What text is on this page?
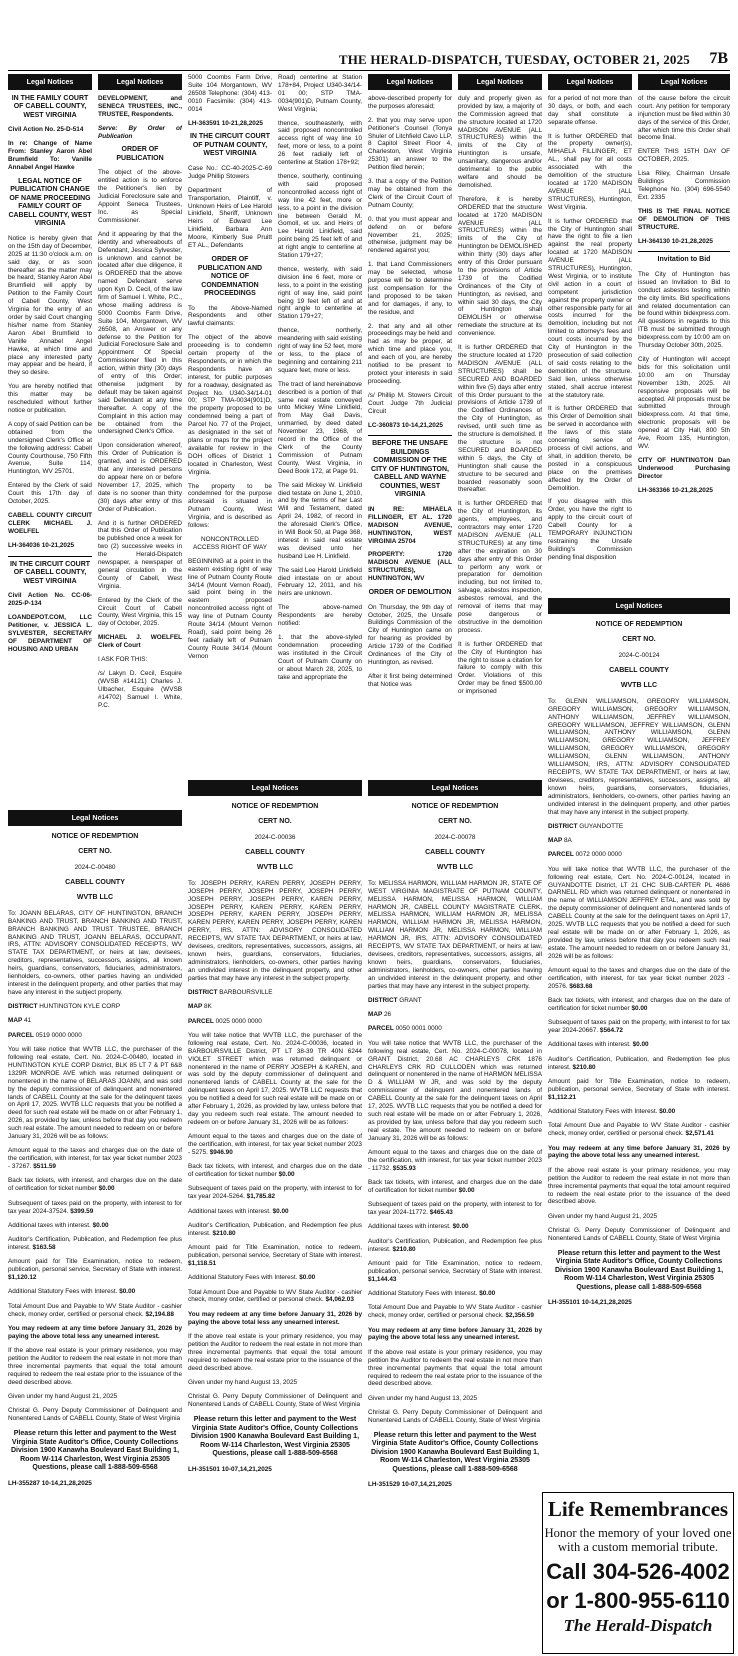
THE HERALD-DISPATCH, TUESDAY, OCTOBER 21, 2025 7B
Legal Notices

IN THE FAMILY COURT OF CABELL COUNTY, WEST VIRGINIA

Civil Action No. 25-D-514

In re: Change of Name From: Stanley Aaron Abel Brumfield To: Vanille Annabel Angel Hawke

LEGAL NOTICE OF PUBLICATION CHANGE OF NAME PROCEEDING FAMILY COURT OF CABELL COUNTY, WEST VIRGINIA

Notice is hereby given that on the 15th day of December, 2025 at 11:30 o'clock a.m. on said day, or as soon thereafter as the matter may be heard, Stanley Aaron Abel Brumfield will apply by Petition to the Family Court of Cabell County, West Virginia for the entry of an order by said Court changing his/her name from Stanley Aaron Abel Brumfield to Vanille Annabel Angel Hawke, at which time and place any interested party may appear and be heard, if they so desire.

You are hereby notified that this matter may be rescheduled without further notice or publication.

A copy of said Petition can be obtained from the undersigned Clerk's Office at the following address: Cabell County Courthouse, 750 Fifth Avenue, Suite 114, Huntington, WV 25701.

Entered by the Clerk of said Court this 17th day of October, 2025.

CABELL COUNTY CIRCUIT CLERK MICHAEL J. WOELFEL

LH-364036 10-21,2025

IN THE CIRCUIT COURT OF CABELL COUNTY, WEST VIRGINIA

Civil Action No. CC-06-2025-P-134

LOANDEPOT.COM, LLC Petitioner, v. JESSICA L. SYLVESTER, SECRETARY OF DEPARTMENT OF HOUSING AND URBAN

Legal Notices

DEVELOPMENT, and SENECA TRUSTEES, INC., TRUSTEE, Respondents.

Serve: By Order of Publication

ORDER OF PUBLICATION

The object of the above-entitled action is to enforce the Petitioner's lien by Judicial Foreclosure sale and Appoint Seneca Trustees, Inc. as Special Commissioner.

And it appearing by that the identity and whereabouts of Defendant, Jessica Sylvester, is unknown and cannot be located after due diligence, it is ORDERED that the above named Defendant serve upon Kyn D. Cecil, of the law firm of Samuel I. White, P.C., whose mailing address is 5000 Coombs Farm Drive, Suite 104, Morgantown, WV 26508, an Answer or any defense to the Petition for Judicial Foreclosure Sale and Appointment Of Special Commissioner filed in this action, within thirty (30) days of entry of this Order; otherwise judgment by default may be taken against said Defendant at any time thereafter. A copy of the Complaint in this action may be obtained from the undersigned Clerk's Office.

Upon consideration whereof, this Order of Publication is granted, and is ORDERED that any interested persons do appear here on or before November 17, 2025, which date is no sooner than thirty (30) days after entry of this Order of Publication.

And it is further ORDERED that this Order of Publication be published once a week for two (2) successive weeks in the Herald-Dispatch newspaper, a newspaper of general circulation in the County of Cabell, West Virginia.

Entered by the Clerk of the Circuit Court of Cabell County, West Virginia, this 15 day of October, 2025.

MICHAEL J. WOELFEL Clerk of Court

I ASK FOR THIS:

/s/ Lakyn D. Cecil, Esquire (WVSB #14121) Charles J. Ulbacher, Esquire (WVSB #14702) Samuel I. White, P.C.

5000 Coombs Farm Drive, Suite 104 Morgantown, WV 26508 Telephone: (304) 413-0010 Facsimile: (304) 413-0014

LH-363591 10-21,28,2025

IN THE CIRCUIT COURT OF PUTNAM COUNTY, WEST VIRGINIA

Case No.: CC-40-2025-C-69 Judge Phillip Stowers

Department of Transportation, Plaintiff, v. Unknown Heirs of Lee Harold Linkfield, Sheriff, Unknown Heirs of Edward Lee Linkfield, Barbara Ann Moore, Kimberly Sue Pruitt ET AL., Defendants

ORDER OF PUBLICATION AND NOTICE OF CONDEMNATION PROCEEDINGS

To the Above-Named Respondents and other lawful claimants:

The object of the above proceeding is to condemn certain property of the Respondents, or in which the Respondents have an interest, for public purposes for a roadway, designated as Project No. U340-34/14-01 00; STP TMA-0034(901)D, the property proposed to be condemned being a part of Parcel No. 77 of the Project, as designated in the set of plans or maps for the project available for review in the DOH offices of District 1 located in Charleston, West Virginia.

The property to be condemned for the purpose aforesaid is situated in Putnam County, West Virginia, and is described as follows:

NONCONTROLLED ACCESS RIGHT OF WAY

BEGINNING at a point in the eastern existing right of way line of Putnam County Route 34/14 (Mount Vernon Road), said point being in the eastern proposed noncontrolled access right of way line of Putnam County Route 34/14 (Mount Vernon Road), said point being 26 feet radially left of Putnam County Route 34/14 (Mount Vernon

Road) centerline at Station 178+84, Project U340-34/14-01 00; STP TMA-0034(901)D, Putnam County, West Virginia;

thence, southeasterly, with said proposed noncontrolled access right of way line 10 feet, more or less, to a point 26 feet radially left of centerline at Station 178+92;

thence, southerly, continuing with said proposed noncontrolled access right of way line 42 feet, more or less, to a point in the division line between Gerald M. Gomoll, et ux. and Heirs of Lee Harold Linkfield, said point being 25 feet left of and at right angle to centerline at Station 179+27;

thence, westerly, with said division line 6 feet, more or less, to a point in the existing right of way line, said point being 19 feet left of and at right angle to centerline at Station 179+27;

thence, northerly, meandering with said existing right of way line 52 feet, more or less, to the place of beginning and containing 211 square feet, more or less.

The tract of land hereinabove described is a portion of that same real estate conveyed unto Mickey Wine Linkfield, from May Gail Davis, unmarried, by deed dated November 23, 1968, of record in the Office of the Clerk of the County Commission of Putnam County, West Virginia, in Deed Book 172, at Page 91.

The said Mickey W. Linkfield died testate on June 1, 2010, and by the terms of her Last Will and Testament, dated April 24, 1982, of record in the aforesaid Clerk's Office, in Will Book 50, at Page 368, interest in said real estate was devised unto her husband Lee H. Linkfield.

The said Lee Harold Linkfield died intestate on or about February 12, 2011, and his heirs are unknown.

The above-named Respondents are hereby notified:

1. that the above-styled condemnation proceeding was instituted in the Circuit Court of Putnam County on or about March 28, 2025, to take and appropriate the

Legal Notices

above-described property for the purposes aforesaid;

2. that you may serve upon Petitioner's Counsel (Tonya Shuler of Litchfield Cavo LLP, 8 Capitol Street Floor 4, Charleston, West Virginia 25301) an answer to the Petition filed herein;

3. that a copy of the Petition may be obtained from the Clerk of the Circuit Court of Putnam County;

0. that you must appear and defend on or before November 21, 2025; otherwise, judgment may be rendered against you;

1. that Land Commissioners may be selected, whose purpose will be to determine just compensation for the land proposed to be taken and for damages, if any, to the residue, and

2. that any and all other proceedings may be held and had as may be proper, at which time and place you, and each of you, are hereby notified to be present to protect your interests in said proceeding.

/s/ Phillip M. Stowers Circuit Court Judge 7th Judicial Circuit

LC-360873 10-14,21,2025

BEFORE THE UNSAFE BUILDINGS COMMISSION OF THE CITY OF HUNTINGTON, CABELL AND WAYNE COUNTIES, WEST VIRGINIA

IN RE: MIHAELA FILLINGER, ET AL. 1720 MADISON AVENUE, HUNTINGTON, WEST VIRGINIA 25704

PROPERTY: 1720 MADISON AVENUE (ALL STRUCTURES), HUNTINGTON, WV

ORDER OF DEMOLITION

On Thursday, the 9th day of October, 2025, the Unsafe Buildings Commission of the City of Huntington came on for hearing as provided by Article 1739 of the Codified Ordinances of the City of Huntington, as revised.

After it first being determined that Notice was

Legal Notices

duly and properly given as provided by law, a majority of the Commission agreed that the structure located at 1720 MADISON AVENUE (ALL STRUCTURES) within the limits of the City of Huntington is unsafe, unsanitary, dangerous and/or detrimental to the public welfare and should be demolished.

Therefore, it is hereby ORDERED that the structure located at 1720 MADISON AVENUE (ALL STRUCTURES) within the limits of the City of Huntington be DEMOLISHED within thirty (30) days after entry of this Order pursuant to the provisions of Article 1739 of the Codified Ordinances of the City of Huntington, as revised, and within said 30 days, the City of Huntington shall DEMOLISH or otherwise remediate the structure at its convenience.

It is further ORDERED that the structure located at 1720 MADISON AVENUE (ALL STRUCTURES) shall be SECURED AND BOARDED within five (5) days after entry of this Order pursuant to the provisions of Article 1739 of the Codified Ordinances of the City of Huntington, as revised, until such time as the structure is demolished. If the structure is not SECURED and BOARDED within 5 days, the City of Huntington shall cause the structure to be secured and boarded reasonably soon thereafter.

It is further ORDERED that the City of Huntington, its agents, employees, and contractors may enter 1720 MADISON AVENUE (ALL STRUCTURES) at any time after the expiration on 30 days after entry of this Order to perform any work or preparation for demolition including, but not limited to, salvage, asbestos inspection, asbestos removal, and the removal of items that may pose dangerous or obstructive in the demolition process.

It is further ORDERED that the City of Huntington has the right to issue a citation for failure to comply with this Order. Violations of this Order may be fined $500.00 or imprisoned

Legal Notices

for a period of not more than 30 days, or both, and each day shall constitute a separate offense.

It is further ORDERED that the property owner(s), MIHAELA FILLINGER, ET AL., shall pay for all costs associated with the demolition of the structure located at 1720 MADISON AVENUE (ALL STRUCTURES), Huntington, West Virginia.

It is further ORDERED that the City of Huntington shall have the right to file a lien against the real property located at 1720 MADISON AVENUE (ALL STRUCTURES), Huntington, West Virginia, or to institute civil action in a court of competent jurisdiction against the property owner or other responsible party for all costs incurred for the demolition, including but not limited to attorney's fees and court costs incurred by the City of Huntington in the prosecution of said collection of said costs relating to the demolition of the structure. Said lien, unless otherwise stated, shall accrue interest at the statutory rate.

It is further ORDERED that this Order of Demolition shall be served in accordance with the laws of this state concerning service of process of civil actions, and shall, in addition thereto, be posted in a conspicuous place on the premises affected by the Order of Demolition.

If you disagree with this Order, you have the right to apply to the circuit court of Cabell County for a TEMPORARY INJUNCTION restraining the Unsafe Building's Commission pending final disposition

Legal Notices

of the cause before the circuit court. Any petition for temporary injunction must be filed within 30 days of the service of this Order, after which time this Order shall become final.

ENTER THIS 15TH DAY OF OCTOBER, 2025.

Lisa Riley, Chairman Unsafe Buildings Commission Telephone No. (304) 696-5540 Ext. 2335

THIS IS THE FINAL NOTICE OF DEMOLITION OF THIS STRUCTURE.

LH-364130 10-21,28,2025

Invitation to Bid

The City of Huntington has issued an Invitation to Bid to conduct asbestos testing within the city limits. Bid specifications and related documentation can be found within bidexpress.com. All questions in regards to this ITB must be submitted through bidexpress.com by 10:00 am on Thursday October 30th, 2025.

City of Huntington will accept bids for this solicitation until 10:00 am on Thursday November 13th, 2025. All responsive proposals will be accepted. All proposals must be submitted through bidexpress.com. At that time, electronic proposals will be opened at City Hall, 800 5th Ave, Room 135, Huntington, WV.

CITY OF HUNTINGTON Dan Underwood Purchasing Director

LH-363366 10-21,28,2025

Legal Notices

NOTICE OF REDEMPTION

CERT NO.

2024-C-00480

CABELL COUNTY

WVTB LLC

To: JOANN BELARAS, CITY OF HUNTINGTON, BRANCH BANKING AND TRUST, BRANCH BANKING AND TRUST, BRANCH BANKING AND TRUST TRUSTEE, BRANCH BANKING AND TRUST, JOANN BELARAS, OCCUPANT, IRS, ATTN: ADVISORY CONSOLIDATED RECEIPTS, WV STATE TAX DEPARTMENT, or heirs at law, devisees, creditors, representatives, successors, assigns, all known heirs, guardians, conservators, fiduciaries, administrators, lienholders, co-owners, other parties having an undivided interest in the delinquent property, and other parties that may have any interest in the subject property.

DISTRICT HUNTINGTON KYLE CORP

MAP 41

PARCEL 0519 0000 0000

You will take notice that WVTB LLC, the purchaser of the following real estate, Cert. No. 2024-C-00480, located in HUNTINGTON KYLE CORP District, BLK 85 LT 7 & PT 6&8 1329R MONROE AVE which was returned delinquent or nonentered in the name of BELARAS JOANN, and was sold by the deputy commissioner of delinquent and nonentered lands of CABELL County at the sale for the delinquent taxes on April 17, 2025. WVTB LLC requests that you be notified a deed for such real estate will be made on or after February 1, 2026, as provided by law, unless before that day you redeem such real estate. The amount needed to redeem on or before January 31, 2026 will be as follows:

Amount equal to the taxes and charges due on the date of the certification, with interest, for tax year ticket number 2023 - 37267. $511.59

Back tax tickets, with interest, and charges due on the date of certification for ticket number $0.00

Subsequent of taxes paid on the property, with interest to for tax year 2024-37524. $399.59

Additional taxes with interest. $0.00

Auditor's Certification, Publication, and Redemption fee plus interest. $163.58

Amount paid for Title Examination, notice to redeem, publication, personal service, Secretary of State with interest. $1,120.12

Additional Statutory Fees with Interest. $0.00

Total Amount Due and Payable to WV State Auditor - cashier check, money order, certified or personal check. $2,194.88

You may redeem at any time before January 31, 2026 by paying the above total less any unearned interest.

If the above real estate is your primary residence, you may petition the Auditor to redeem the real estate in not more than three incremental payments that equal the total amount required to redeem the real estate prior to the issuance of the deed described above.

Given under my hand August 21, 2025

Christal G. Perry Deputy Commissioner of Delinquent and Nonentered Lands of CABELL County, State of West Virginia

Please return this letter and payment to the West Virginia State Auditor's Office, County Collections Division 1900 Kanawha Boulevard East Building 1, Room W-114 Charleston, West Virginia 25305 Questions, please call 1-888-509-6568

LH-355287 10-14,21,28,2025

Legal Notices

NOTICE OF REDEMPTION

CERT NO.

2024-C-00036

CABELL COUNTY

WVTB LLC

To: JOSEPH PERRY, KAREN PERRY, JOSEPH PERRY, JOSEPH PERRY, JOSEPH PERRY, JOSEPH PERRY, JOSEPH PERRY, JOSEPH PERRY, KAREN PERRY, JOSEPH PERRY, KAREN PERRY, KAREN PERRY, JOSEPH PERRY, KAREN PERRY, JOSEPH PERRY, KAREN PERRY, KAREN PERRY, JOSEPH PERRY, KAREN PERRY, IRS, ATTN: ADVISORY CONSOLIDATED RECEIPTS, WV STATE TAX DEPARTMENT, or heirs at law, devisees, creditors, representatives, successors, assigns, all known heirs, guardians, conservators, fiduciaries, administrators, lienholders, co-owners, other parties having an undivided interest in the delinquent property, and other parties that may have any interest in the subject property.

DISTRICT BARBOURSVILLE

MAP 8K

PARCEL 0025 0000 0000

You will take notice that WVTB LLC, the purchaser of the following real estate, Cert. No. 2024-C-00036, located in BARBOURSVILLE District, PT LT 38-39 TR 40N 6244 VIOLET STREET which was returned delinquent or nonentered in the name of PERRY JOSEPH & KAREN, and was sold by the deputy commissioner of delinquent and nonentered lands of CABELL County at the sale for the delinquent taxes on April 17, 2025. WVTB LLC requests that you be notified a deed for such real estate will be made on or after February 1, 2026, as provided by law, unless before that day you redeem such real estate. The amount needed to redeem on or before January 31, 2026 will be as follows:

Amount equal to the taxes and charges due on the date of the certification, with interest, for tax year ticket number 2023 - 5275. $946.90

Back tax tickets, with interest, and charges due on the date of certification for ticket number $0.00

Subsequent of taxes paid on the property, with interest to for tax year 2024-5264. $1,785.82

Additional taxes with interest. $0.00

Auditor's Certification, Publication, and Redemption fee plus interest. $210.80

Amount paid for Title Examination, notice to redeem, publication, personal service, Secretary of State with interest. $1,118.51

Additional Statutory Fees with Interest. $0.00

Total Amount Due and Payable to WV State Auditor - cashier check, money order, certified or personal check. $4,062.03

You may redeem at any time before January 31, 2026 by paying the above total less any unearned interest.

If the above real estate is your primary residence, you may petition the Auditor to redeem the real estate in not more than three incremental payments that equal the total amount required to redeem the real estate prior to the issuance of the deed described above.

Given under my hand August 13, 2025

Christal G. Perry Deputy Commissioner of Delinquent and Nonentered Lands of CABELL County, State of West Virginia

Please return this letter and payment to the West Virginia State Auditor's Office, County Collections Division 1900 Kanawha Boulevard East Building 1, Room W-114 Charleston, West Virginia 25305 Questions, please call 1-888-509-6568

LH-351501 10-07,14,21,2025

Legal Notices

NOTICE OF REDEMPTION

CERT NO.

2024-C-00078

CABELL COUNTY

WVTB LLC

To: MELISSA HARMON, WILLIAM HARMON JR, STATE OF WEST VIRGINIA MAGISTRATE OF PUTNAM COUNTY, MELISSA HARMON, MELISSA HARMON, WILLIAM HARMON JR, CABELL COUNTY MAGISTRATE CLERK, MELISSA HARMON, WILLIAM HARMON JR, MELISSA HARMON, WILLIAM HARMON JR, MELISSA HARMON, WILLIAM HARMON JR, MELISSA HARMON, WILLIAM HARMON JR, IRS, ATTN: ADVISORY CONSOLIDATED RECEIPTS, WV STATE TAX DEPARTMENT, or heirs at law, devisees, creditors, representatives, successors, assigns, all known heirs, guardians, conservators, fiduciaries, administrators, lienholders, co-owners, other parties having an undivided interest in the delinquent property, and other parties that may have any interest in the subject property.

DISTRICT GRANT

MAP 26

PARCEL 0050 0001 0000

You will take notice that WVTB LLC, the purchaser of the following real estate, Cert. No. 2024-C-00078, located in GRANT District, 20.68 AC CHARLEYS CRK 1876 CHARLEYS CRK RD CULLODEN which was returned delinquent or nonentered in the name of HARMON MELISSA D & WILLIAM W JR, and was sold by the deputy commissioner of delinquent and nonentered lands of CABELL County at the sale for the delinquent taxes on April 17, 2025. WVTB LLC requests that you be notified a deed for such real estate will be made on or after February 1, 2026, as provided by law, unless before that day you redeem such real estate. The amount needed to redeem on or before January 31, 2026 will be as follows:

Amount equal to the taxes and charges due on the date of the certification, with interest, for tax year ticket number 2023 - 11732. $535.93

Back tax tickets, with interest, and charges due on the date of certification for ticket number $0.00

Subsequent of taxes paid on the property, with interest to for tax year 2024-11772. $465.43

Additional taxes with interest. $0.00

Auditor's Certification, Publication, and Redemption fee plus interest. $210.80

Amount paid for Title Examination, notice to redeem, publication, personal service, Secretary of State with interest. $1,144.43

Additional Statutory Fees with Interest. $0.00

Total Amount Due and Payable to WV State Auditor - cashier check, money order, certified or personal check. $2,356.59

You may redeem at any time before January 31, 2026 by paying the above total less any unearned interest.

If the above real estate is your primary residence, you may petition the Auditor to redeem the real estate in not more than three incremental payments that equal the total amount required to redeem the real estate prior to the issuance of the deed described above.

Given under my hand August 13, 2025

Christal G. Perry Deputy Commissioner of Delinquent and Nonentered Lands of CABELL County, State of West Virginia

Please return this letter and payment to the West Virginia State Auditor's Office, County Collections Division 1900 Kanawha Boulevard East Building 1, Room W-114 Charleston, West Virginia 25305 Questions, please call 1-888-509-6568

LH-351529 10-07,14,21,2025

Legal Notices

NOTICE OF REDEMPTION

CERT NO.

2024-C-00124

CABELL COUNTY

WVTB LLC

To: GLENN WILLIAMSON, GREGORY WILLIAMSON, GREGORY WILLIAMSON, GREGORY WILLIAMSON, ANTHONY WILLIAMSON, JEFFREY WILLIAMSON, GREGORY WILLIAMSON, JEFFREY WILLIAMSON, GLENN WILLIAMSON, ANTHONY WILLIAMSON, GLENN WILLIAMSON, GREGORY WILLIAMSON, JEFFREY WILLIAMSON, GREGORY WILLIAMSON, GREGORY WILLIAMSON, GLENN WILLIAMSON, ANTHONY WILLIAMSON, IRS, ATTN: ADVISORY CONSOLIDATED RECEIPTS, WV STATE TAX DEPARTMENT, or heirs at law, devisees, creditors, representatives, successors, assigns, all known heirs, guardians, conservators, fiduciaries, administrators, lienholders, co-owners, other parties having an undivided interest in the delinquent property, and other parties that may have any interest in the subject property.

DISTRICT GUYANDOTTE

MAP 8A

PARCEL 0072 0000 0000

You will take notice that WVTB LLC, the purchaser of the following real estate, Cert. No. 2024-C-00124, located in GUYANDOTTE District, LT 21 CHC SUB-CARTER PL 4686 DARNELL RD which was returned delinquent or nonentered in the name of WILLIAMSON JEFFREY ETAL, and was sold by the deputy commissioner of delinquent and nonentered lands of CABELL County at the sale for the delinquent taxes on April 17, 2025. WVTB LLC requests that you be notified a deed for such real estate will be made on or after February 1, 2026, as provided by law, unless before that day you redeem such real estate. The amount needed to redeem on or before January 31, 2026 will be as follows:

Amount equal to the taxes and charges due on the date of the certification, with interest, for tax year ticket number 2023 - 20576. $683.68

Back tax tickets, with interest, and charges due on the date of certification for ticket number $0.00

Subsequent of taxes paid on the property, with interest to for tax year 2024-20667. $564.72

Additional taxes with interest. $0.00

Auditor's Certification, Publication, and Redemption fee plus interest. $210.80

Amount paid for Title Examination, notice to redeem, publication, personal service, Secretary of State with interest. $1,112.21

Additional Statutory Fees with Interest. $0.00

Total Amount Due and Payable to WV State Auditor - cashier check, money order, certified or personal check. $2,571.41

You may redeem at any time before January 31, 2026 by paying the above total less any unearned interest.

If the above real estate is your primary residence, you may petition the Auditor to redeem the real estate in not more than three incremental payments that equal the total amount required to redeem the real estate prior to the issuance of the deed described above.

Given under my hand August 21, 2025

Christal G. Perry Deputy Commissioner of Delinquent and Nonentered Lands of CABELL County, State of West Virginia

Please return this letter and payment to the West Virginia State Auditor's Office, County Collections Division 1900 Kanawha Boulevard East Building 1, Room W-114 Charleston, West Virginia 25305 Questions, please call 1-888-509-6568

LH-355101 10-14,21,28,2025

Life Remembrances
Honor the memory of your loved one with a custom memorial tribute.
Call 304-526-4002
or 1-800-955-6110
The Herald-Dispatch
